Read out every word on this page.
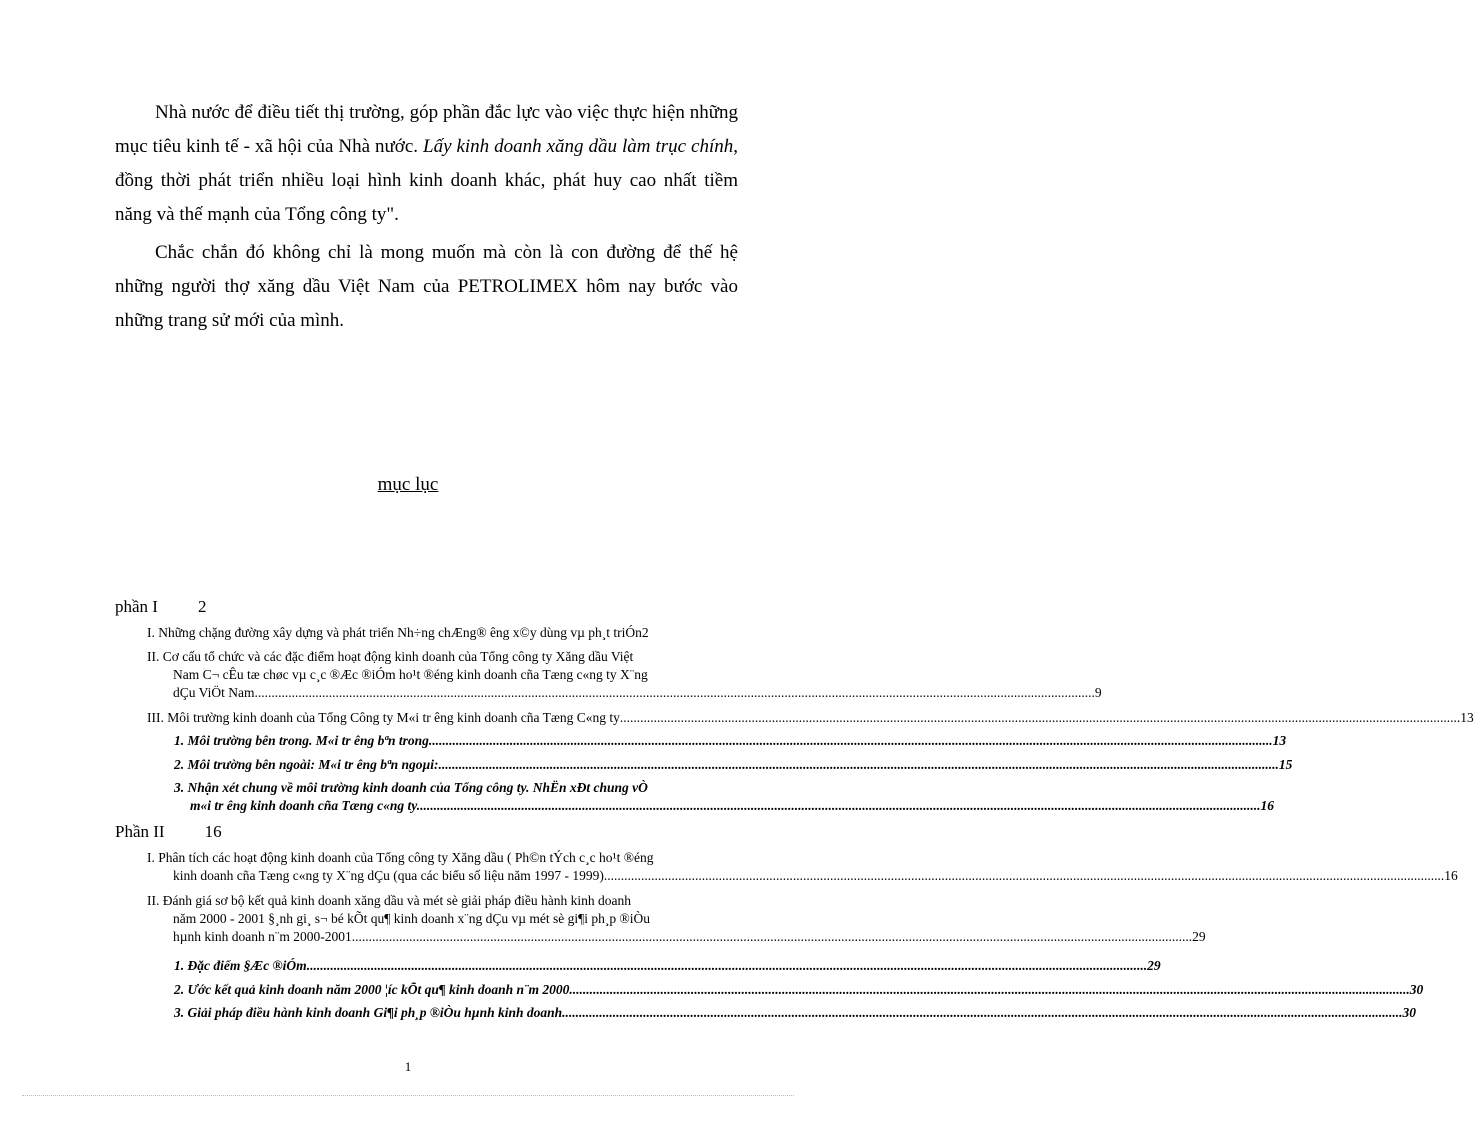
Nhà nước để điều tiết thị trường, góp phần đắc lực vào việc thực hiện những mục tiêu kinh tế - xã hội của Nhà nước. Lấy kinh doanh xăng dầu làm trục chính, đồng thời phát triển nhiều loại hình kinh doanh khác, phát huy cao nhất tiềm năng và thế mạnh của Tổng công ty".

Chắc chắn đó không chỉ là mong muốn mà còn là con đường để thế hệ những người thợ xăng dầu Việt Nam của PETROLIMEX hôm nay bước vào những trang sử mới của mình.

mục lục

phần I 2
I. Những chặng đường xây dựng và phát triển Nh÷ng chÆng® êng x©y dùng vµ ph¸t triÓn 2
II. Cơ cấu tổ chức và các đặc điểm hoạt động kinh doanh của Tổng công ty Xăng dầu Việt
Nam C¬ cÊu tæ chøc vµ c¸c ®Æc ®iÓm ho¹t ®éng kinh doanh cña Tæng c«ng ty X¨ng
dÇu ViÖt Nam .....	9
III. Môi trường kinh doanh của Tổng Công ty M«i tr êng kinh doanh cña Tæng C«ng ty .....	13
1. Môi trường bên trong. M«i tr êng bªn trong. .....	13
2. Môi trường bên ngoài: M«i tr êng bªn ngoµi: .....	15
3. Nhận xét chung về môi trường kinh doanh của Tổng công ty. NhËn xÐt chung vÒ
m«i tr êng kinh doanh cña Tæng c«ng ty. .....	16
Phần II 16
I. Phân tích các hoạt động kinh doanh của Tổng công ty Xăng dầu ( Ph©n tÝch c¸c ho¹t ®éng
kinh doanh cña Tæng c«ng ty X¨ng dÇu (qua các biểu số liệu năm 1997 - 1999) .....	16
II. Đánh giá sơ bộ kết quả kinh doanh xăng dầu và mét sè giải pháp điều hành kinh doanh
năm 2000 - 2001 §¸nh gi¸ s¬ bé kÕt qu¶ kinh doanh x¨ng dÇu vµ mét sè gi¶i ph¸p ®iÒu
hµnh kinh doanh n¨m 2000-2001 .....	29
1. Đặc điểm §Æc ®iÓm .....	29
2. Ước kết quả kinh doanh năm 2000 ¦íc kÕt qu¶ kinh doanh n¨m 2000 .....	30
3. Giải pháp điều hành kinh doanh Gi¶i ph¸p ®iÒu hµnh kinh doanh .....	30
1
